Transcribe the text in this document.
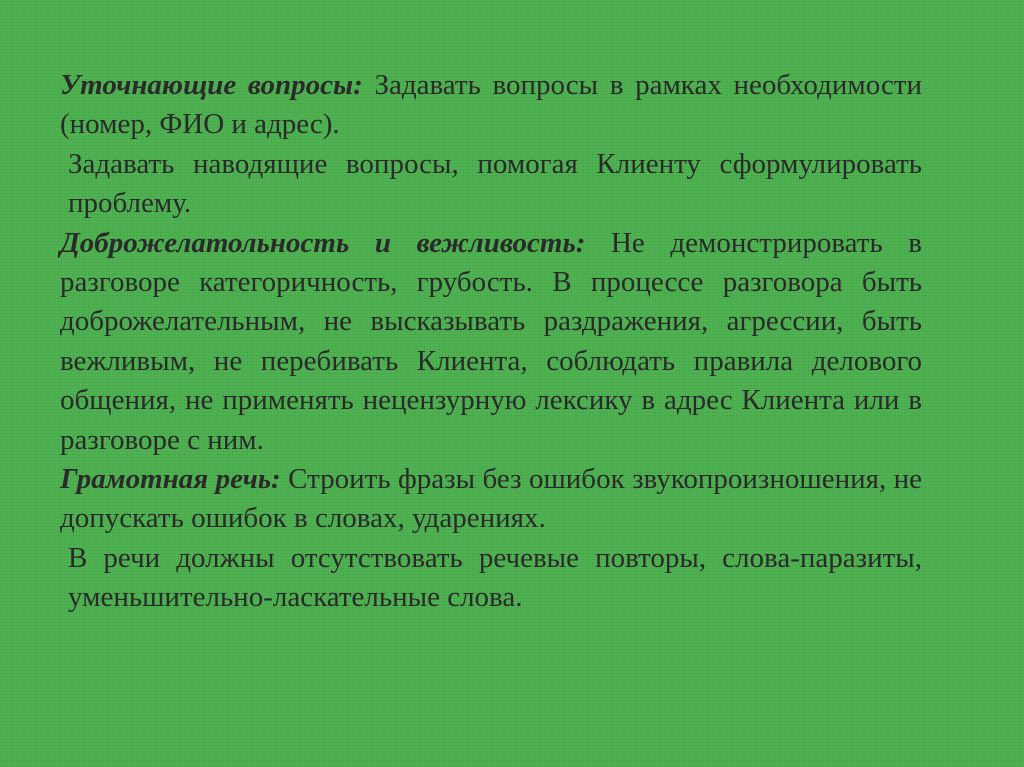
Уточнающие вопросы: Задавать вопросы в рамках необходимости (номер, ФИО и адрес).

Задавать наводящие вопросы, помогая Клиенту сформулировать проблему.

Доброжелатольность и вежливость: Не демонстрировать в разговоре категоричность, грубость. В процессе разговора быть доброжелательным, не высказывать раздражения, агрессии, быть вежливым, не перебивать Клиента, соблюдать правила делового общения, не применять нецензурную лексику в адрес Клиента или в разговоре с ним.

Грамотная речь: Строить фразы без ошибок звукопроизношения, не допускать ошибок в словах, ударениях.

В речи должны отсутствовать речевые повторы, слова-паразиты, уменьшительно-ласкательные слова.
